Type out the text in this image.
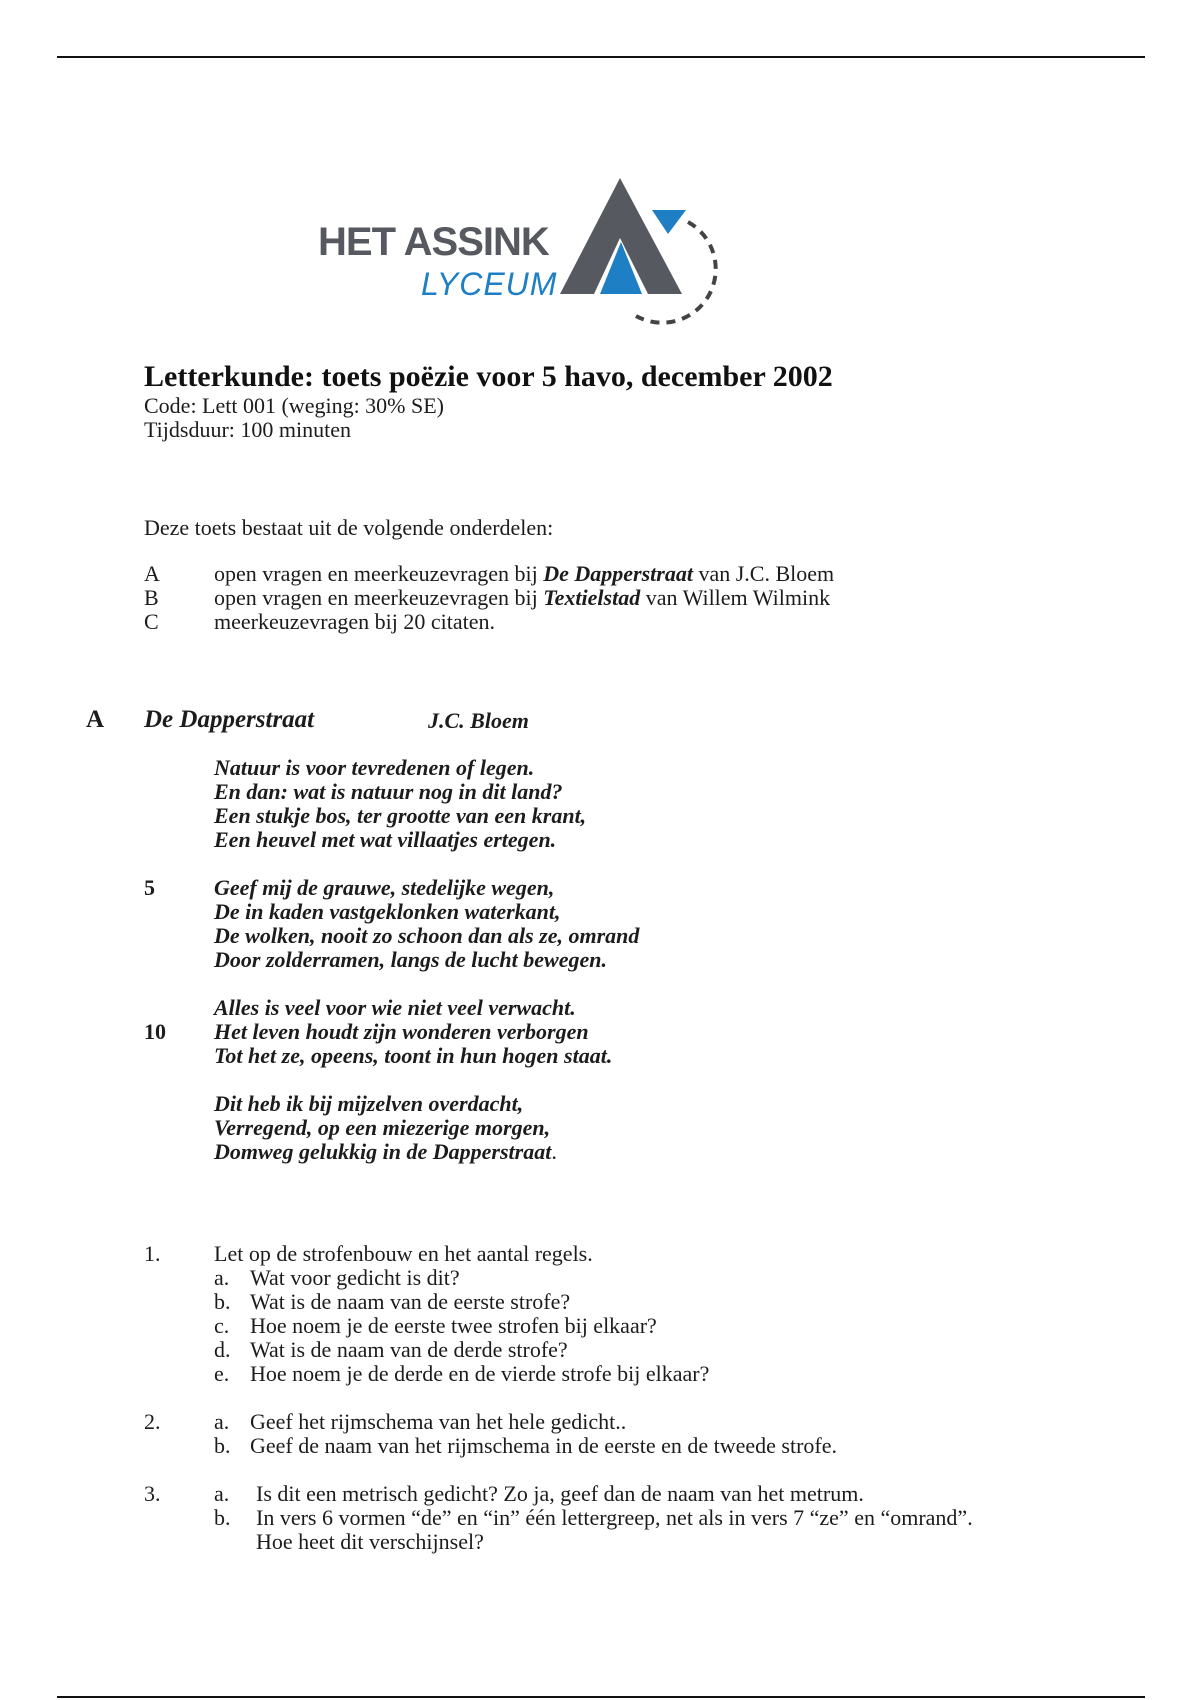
HET ASSINK
LYCEUM
Letterkunde: toets poëzie voor 5 havo, december 2002
Code: Lett 001 (weging: 30% SE)
Tijdsduur: 100 minuten
Deze toets bestaat uit de volgende onderdelen:
A open vragen en meerkeuzevragen bij De Dapperstraat van J.C. Bloem
B	open vragen en meerkeuzevragen bij Textielstad van Willem Wilmink
C	meerkeuzevragen bij 20 citaten.
A De Dapperstraat	J.C. Bloem
Natuur is voor tevredenen of legen.
En dan: wat is natuur nog in dit land?
Een stukje bos, ter grootte van een krant,
Een heuvel met wat villaatjes ertegen.
5	Geef mij de grauwe, stedelijke wegen,
De in kaden vastgeklonken waterkant,
De wolken, nooit zo schoon dan als ze, omrand
Door zolderramen, langs de lucht bewegen.
Alles is veel voor wie niet veel verwacht.
10 Het leven houdt zijn wonderen verborgen
Tot het ze, opeens, toont in hun hogen staat.
Dit heb ik bij mijzelven overdacht,
Verregend, op een miezerige morgen,
Domweg gelukkig in de Dapperstraat.
1. Let op de strofenbouw en het aantal regels.
a. Wat voor gedicht is dit?
b. Wat is de naam van de eerste strofe?
c. Hoe noem je de eerste twee strofen bij elkaar?
d. Wat is de naam van de derde strofe?
e. Hoe noem je de derde en de vierde strofe bij elkaar?
2. a. Geef het rijmschema van het hele gedicht..
b. Geef de naam van het rijmschema in de eerste en de tweede strofe.
3. a.	Is dit een metrisch gedicht? Zo ja, geef dan de naam van het metrum.
b.	In vers 6 vormen “de” en “in” één lettergreep, net als in vers 7 “ze” en “omrand”.
Hoe heet dit verschijnsel?
